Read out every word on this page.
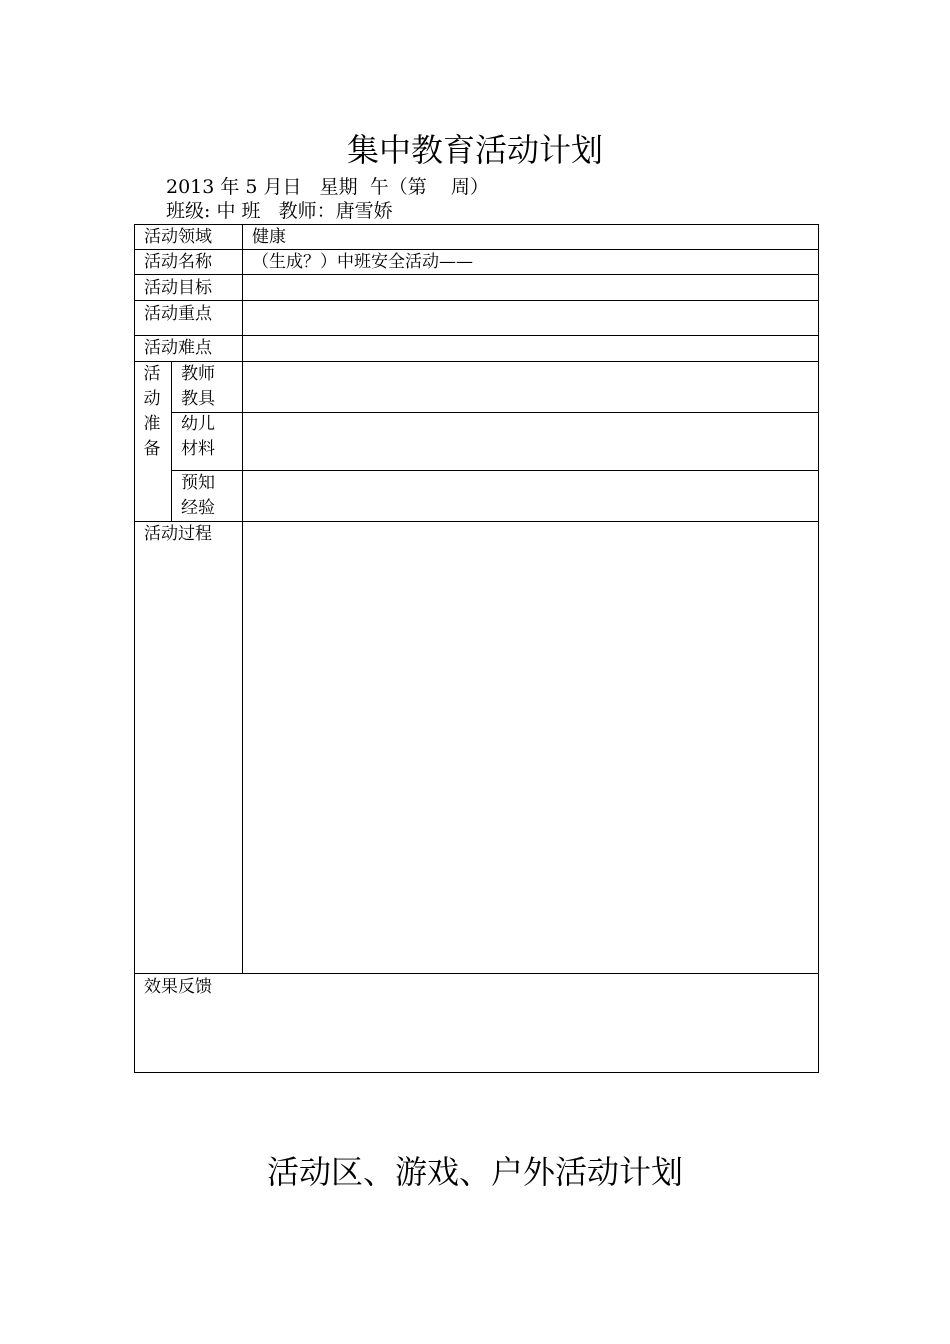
集中教育活动计划
2013 年 5 月日   星期  午（第    周）
班级: 中 班   教师：唐雪娇
活动领域 健康
活动名称 （生成？）中班安全活动——
活动目标
活动重点
活动难点
活
动
准
备
教师
教具
幼儿
材料
预知
经验
活动过程
效果反馈
活动区、游戏、户外活动计划
